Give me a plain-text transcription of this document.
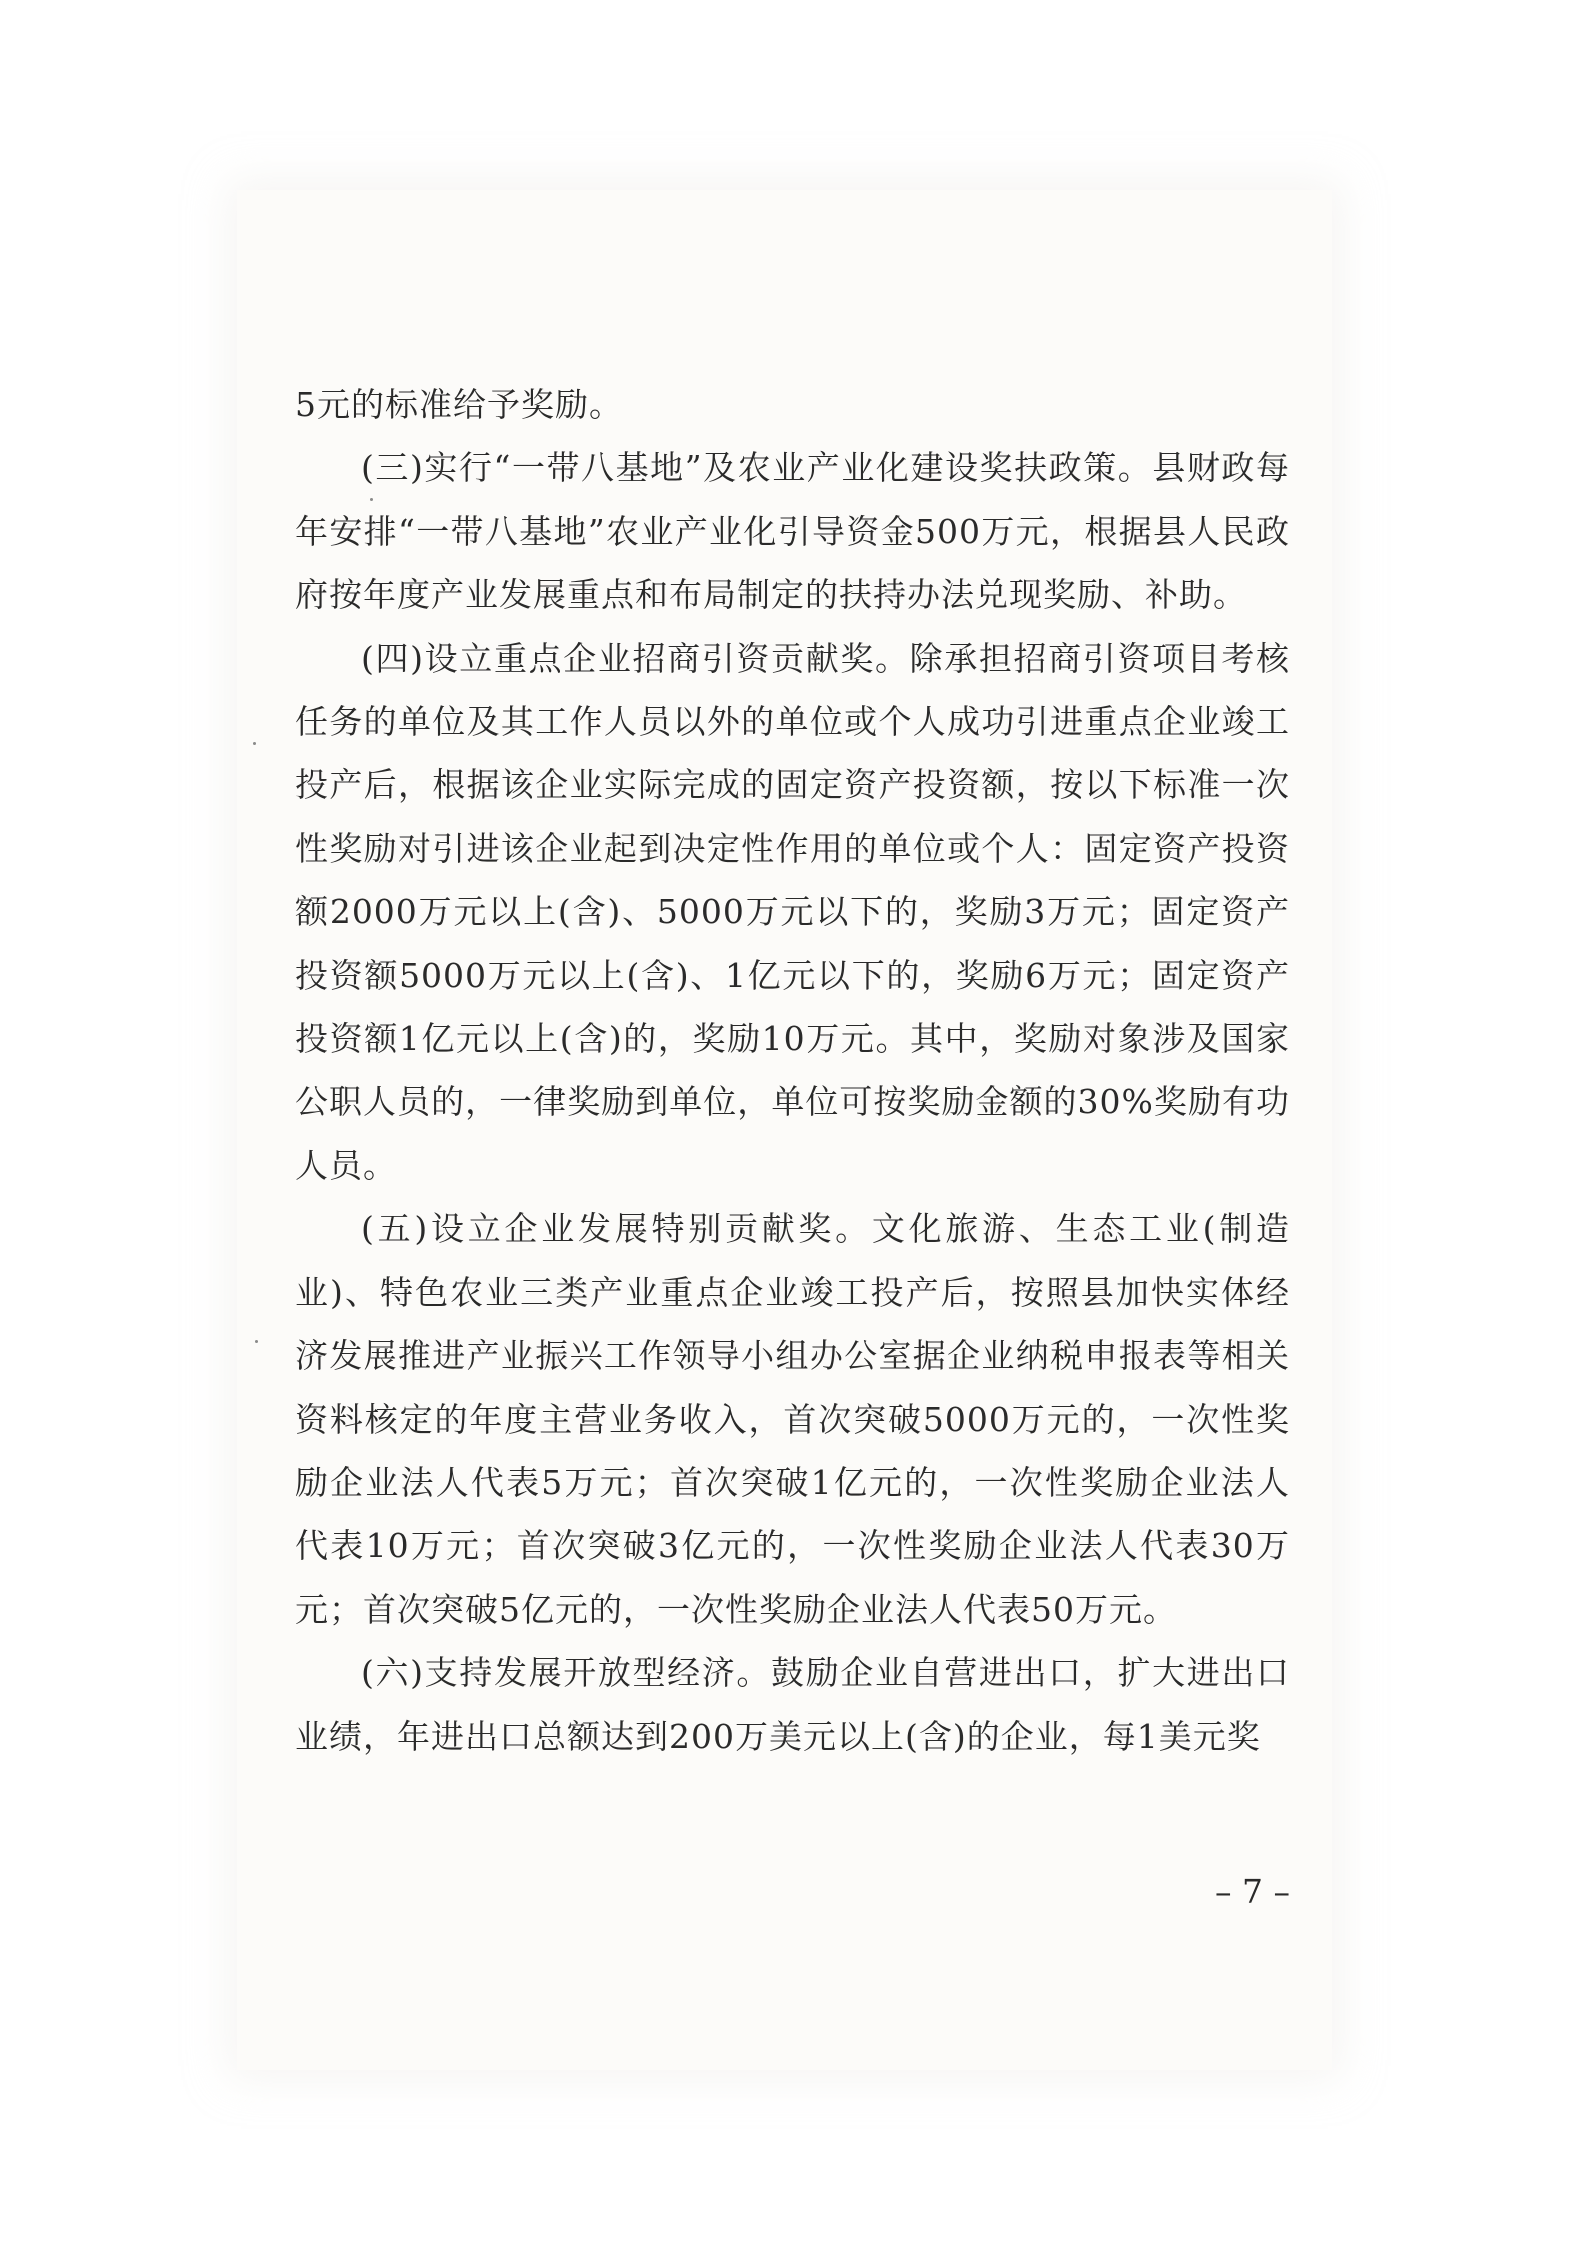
5元的标准给予奖励。

(三)实行“一带八基地”及农业产业化建设奖扶政策。县财政每年安排“一带八基地”农业产业化引导资金500万元，根据县人民政府按年度产业发展重点和布局制定的扶持办法兑现奖励、补助。

(四)设立重点企业招商引资贡献奖。除承担招商引资项目考核任务的单位及其工作人员以外的单位或个人成功引进重点企业竣工投产后，根据该企业实际完成的固定资产投资额，按以下标准一次性奖励对引进该企业起到决定性作用的单位或个人：固定资产投资额2000万元以上(含)、5000万元以下的，奖励3万元；固定资产投资额5000万元以上(含)、1亿元以下的，奖励6万元；固定资产投资额1亿元以上(含)的，奖励10万元。其中，奖励对象涉及国家公职人员的，一律奖励到单位，单位可按奖励金额的30%奖励有功人员。

(五)设立企业发展特别贡献奖。文化旅游、生态工业(制造业)、特色农业三类产业重点企业竣工投产后，按照县加快实体经济发展推进产业振兴工作领导小组办公室据企业纳税申报表等相关资料核定的年度主营业务收入，首次突破5000万元的，一次性奖励企业法人代表5万元；首次突破1亿元的，一次性奖励企业法人代表10万元；首次突破3亿元的，一次性奖励企业法人代表30万元；首次突破5亿元的，一次性奖励企业法人代表50万元。

(六)支持发展开放型经济。鼓励企业自营进出口，扩大进出口业绩，年进出口总额达到200万美元以上(含)的企业，每1美元奖

– 7 –
